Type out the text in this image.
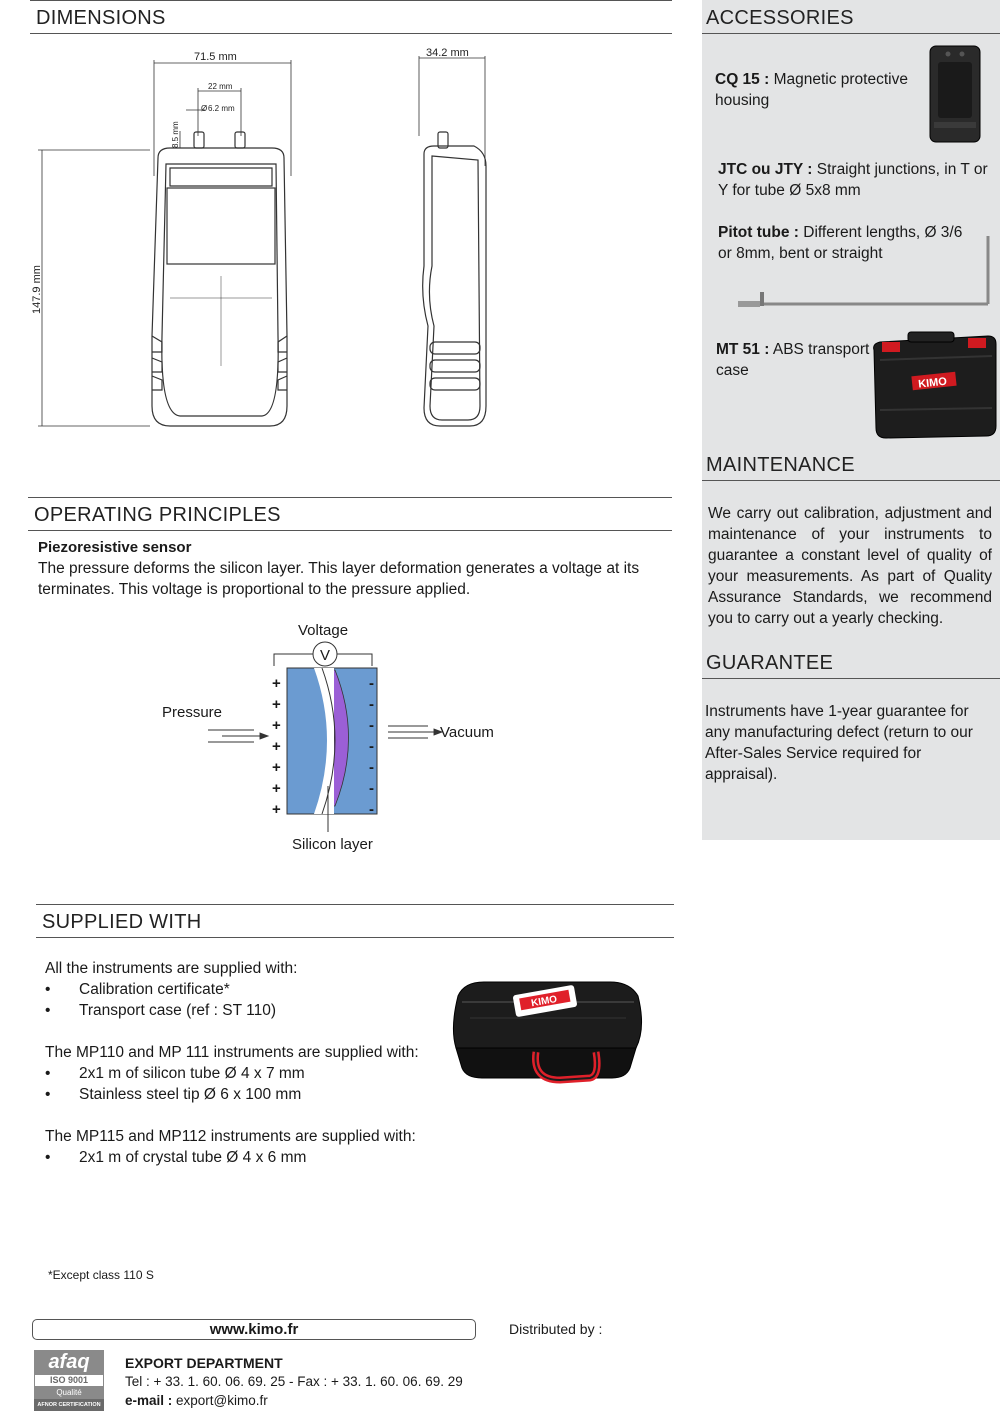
DIMENSIONS
71.5 mm
22 mm
Ø 6.2 mm
8.5 mm
147.9 mm
34.2 mm
OPERATING PRINCIPLES
Piezoresistive sensor
The pressure deforms the silicon layer. This layer deformation generates a voltage at its terminates. This voltage is proportional to the pressure applied.
Voltage
V
+
+
+
+
+
+
+
-
-
-
-
-
-
-
Pressure
Vacuum
Silicon layer
SUPPLIED WITH
All the instruments are supplied with:
• Calibration certificate*
• Transport case (ref : ST 110)
The MP110 and MP 111 instruments are supplied with:
• 2x1 m of silicon tube Ø 4 x 7 mm
• Stainless steel tip Ø 6 x 100 mm
The MP115 and MP112 instruments are supplied with:
• 2x1 m of crystal tube Ø 4 x 6 mm
KIMO
*Except class 110 S
ACCESSORIES
CQ 15 : Magnetic protective housing
JTC ou JTY : Straight junctions, in T or Y for tube Ø 5x8 mm
Pitot tube : Different lengths, Ø 3/6 or 8mm, bent or straight
MT 51 : ABS transport case
KIMO
MAINTENANCE
We carry out calibration, adjustment and maintenance of your instruments to guarantee a constant level of quality of your measurements. As part of Quality Assurance Standards, we recommend you to carry out a yearly checking.
GUARANTEE
Instruments have 1-year guarantee for any manufacturing defect (return to our After-Sales Service required for appraisal).
www.kimo.fr	Distributed by :
afaq
ISO 9001
Qualité
AFNOR CERTIFICATION
EXPORT DEPARTMENT
Tel : + 33. 1. 60. 06. 69. 25 - Fax : + 33. 1. 60. 06. 69. 29
e-mail : export@kimo.fr
